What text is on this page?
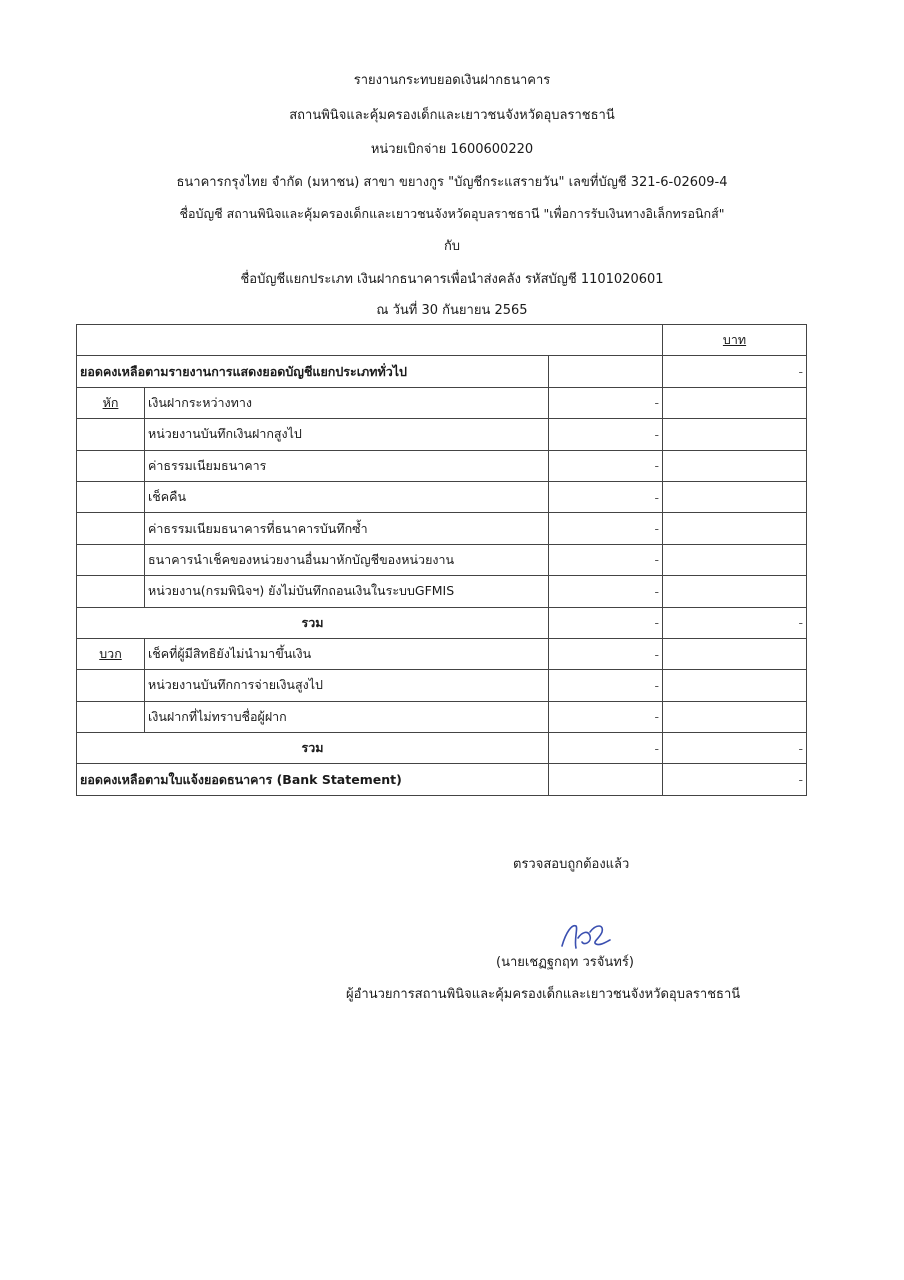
รายงานกระทบยอดเงินฝากธนาคาร
สถานพินิจและคุ้มครองเด็กและเยาวชนจังหวัดอุบลราชธานี
หน่วยเบิกจ่าย 1600600220
ธนาคารกรุงไทย จำกัด (มหาชน) สาขา ขยางกูร "บัญชีกระแสรายวัน" เลขที่บัญชี 321-6-02609-4
ชื่อบัญชี สถานพินิจและคุ้มครองเด็กและเยาวชนจังหวัดอุบลราชธานี "เพื่อการรับเงินทางอิเล็กทรอนิกส์"
กับ
ชื่อบัญชีแยกประเภท เงินฝากธนาคารเพื่อนำส่งคลัง รหัสบัญชี 1101020601
ณ วันที่ 30 กันยายน 2565
			บาท
ยอดคงเหลือตามรายงานการแสดงยอดบัญชีแยกประเภททั่วไป			-
หัก	เงินฝากระหว่างทาง	-	
	หน่วยงานบันทึกเงินฝากสูงไป	-	
	ค่าธรรมเนียมธนาคาร	-	
	เช็คคืน	-	
	ค่าธรรมเนียมธนาคารที่ธนาคารบันทึกซ้ำ	-	
	ธนาคารนำเช็คของหน่วยงานอื่นมาหักบัญชีของหน่วยงาน	-	
	หน่วยงาน(กรมพินิจฯ) ยังไม่บันทึกถอนเงินในระบบGFMIS	-	
รวม		-	-
บวก	เช็คที่ผู้มีสิทธิยังไม่นำมาขึ้นเงิน	-	
	หน่วยงานบันทึกการจ่ายเงินสูงไป	-	
	เงินฝากที่ไม่ทราบชื่อผู้ฝาก	-	
รวม		-	-
ยอดคงเหลือตามใบแจ้งยอดธนาคาร (Bank Statement)			-
ตรวจสอบถูกต้องแล้ว
(นายเชฏฐกฤท วรจันทร์)
ผู้อำนวยการสถานพินิจและคุ้มครองเด็กและเยาวชนจังหวัดอุบลราชธานี
